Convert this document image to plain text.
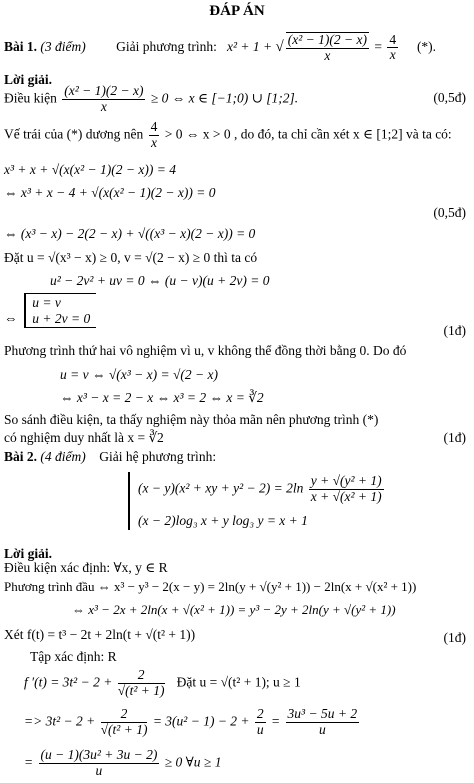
ĐÁP ÁN
Bài 1. (3 điểm) Giải phương trình: x² + 1 + √ $\frac{\text{(x² − 1)(2 − x)}}{x} = \frac{4}{x}$ (*).
Lời giải.
Điều kiện $\frac{\text{(x² − 1)(2 − x)}}{x} \ge 0$ ⇔ x ∈ [−1;0) ∪ [1;2].	(0,5đ)
Vế trái của (*) dương nên $\frac{4}{x} > 0$ ⇔ x > 0 , do đó, ta chỉ cần xét x ∈ [1;2] và ta có:
x³ + x + √(x(x² − 1)(2 − x)) = 4
⇔ x³ + x − 4 + √(x(x² − 1)(2 − x)) = 0
⇔ (x³ − x) − 2(2 − x) + √((x³ − x)(2 − x)) = 0
(0,5đ)
Đặt u = √(x³ − x) ≥ 0, v = √(2 − x) ≥ 0 thì ta có
u² − 2v² + uv = 0 ⇔ (u − v)(u + 2v) = 0
⇔  u = v
u + 2v = 0
(1đ)
Phương trình thứ hai vô nghiệm vì u, v không thể đồng thời bằng 0. Do đó
u = v ⇔ √(x³ − x) = √(2 − x)
⇔ x³ − x = 2 − x ⇔ x³ = 2 ⇔ x = ∛2
So sánh điều kiện, ta thấy nghiệm này thỏa mãn nên phương trình (*)
có nghiệm duy nhất là x = ∛2	(1đ)
Bài 2. (4 điểm) Giải hệ phương trình:
(x − y)(x² + xy + $y^2 - 2) = 2\ln \frac{\text{y + √(y² + 1)}}{\text{x + √(x² + 1)}}$

(x − 2)log₃ x + y log₃ y = x + 1
Lời giải.
Điều kiện xác định: ∀x, y ∈ R
Phương trình đầu ⇔ x³ − y³ − 2(x − y) = 2ln(y + √(y² + 1)) − 2ln(x + √(x² + 1))
⇔ x³ − 2x + 2ln(x + √(x² + 1)) = y³ − 2y + 2ln(y + √(y² + 1))
Xét f(t) = t³ − 2t + 2ln(t + √(t² + 1))	(1đ)
Tập xác định: R
f $'(t) = 3t^2 - 2 + \frac{2}{\text{√(t² + 1)}}$ Đặt u = √(t² + 1); u ≥ 1
=> $3t^2 - 2 + \frac{2}{\text{√(t² + 1)}} = 3(u^2 - 1) - 2 + \frac{2}{u} = \frac{\text{3u³ − 5u + 2}}{u}$
= $\frac{\text{(u − 1)(3u² + 3u − 2)}}{u} \ge 0$ ∀u ≥ 1
